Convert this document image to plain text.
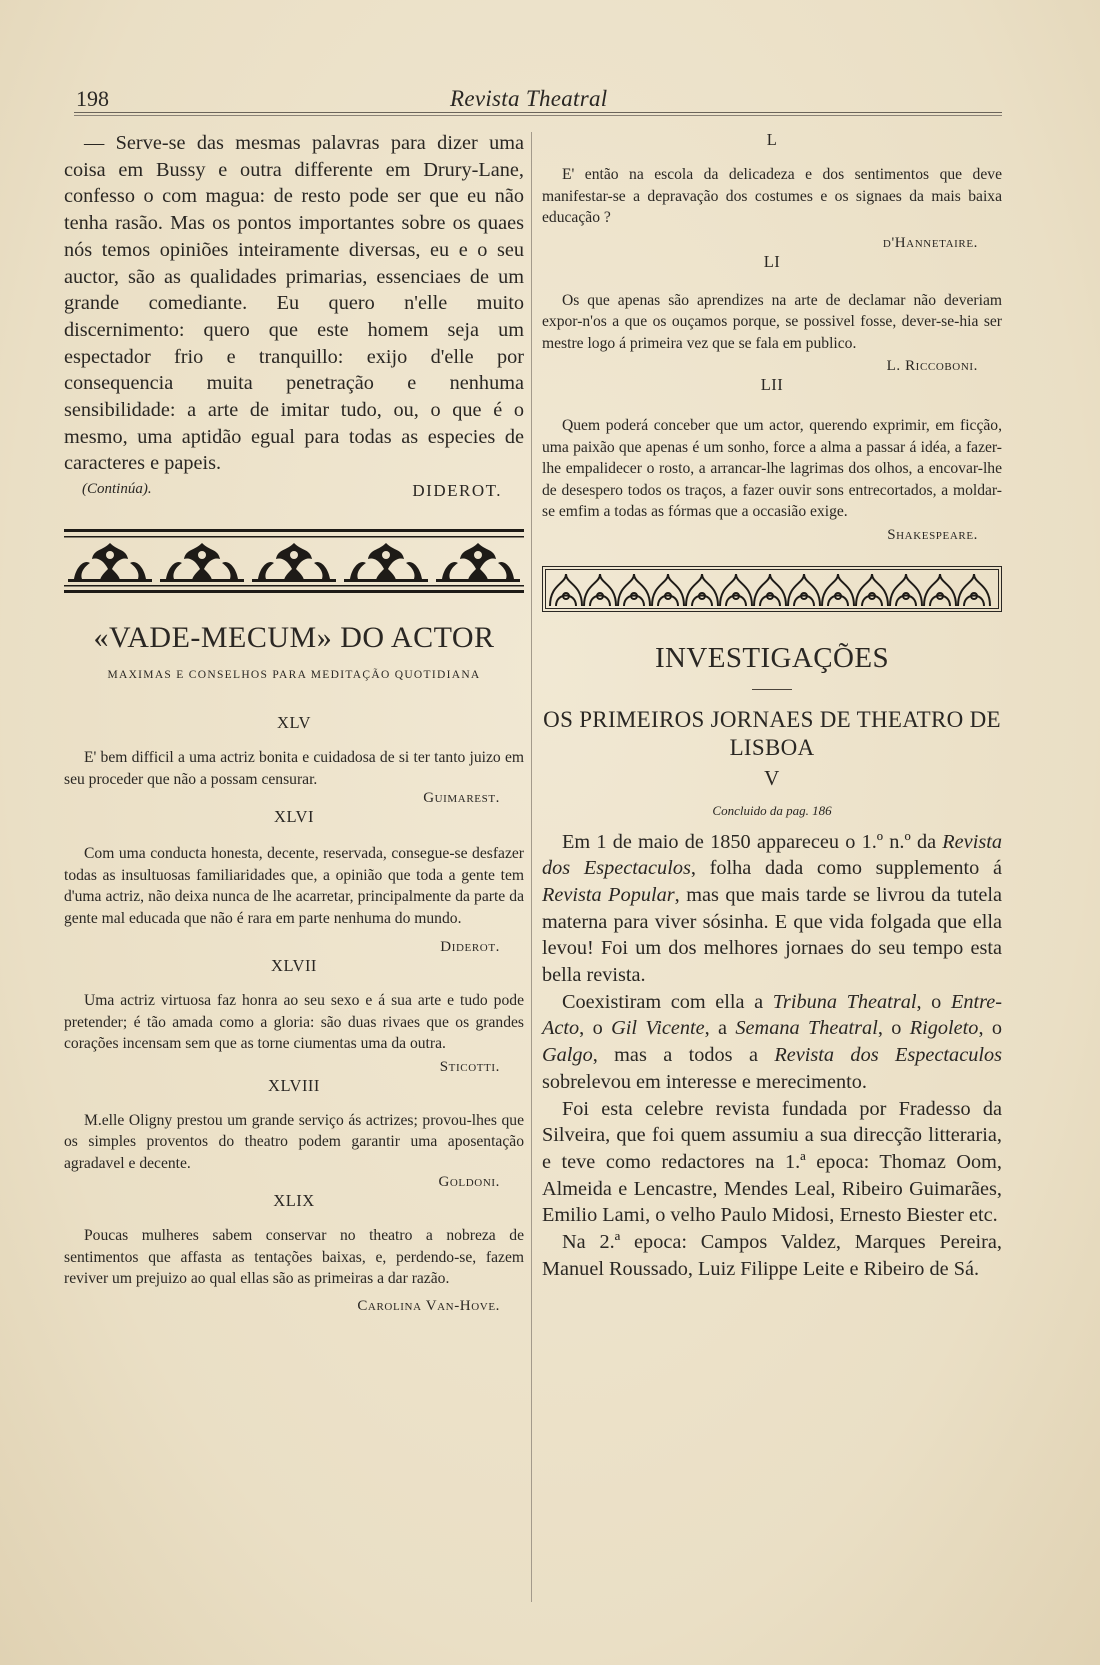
198	Revista Theatral

— Serve-se das mesmas palavras para dizer uma coisa em Bussy e outra differente em Drury-Lane, confesso o com magua: de resto pode ser que eu não tenha rasão. Mas os pontos importantes sobre os quaes nós temos opiniões inteiramente diversas, eu e o seu auctor, são as qualidades primarias, essenciaes de um grande comediante. Eu quero n'elle muito discernimento: quero que este homem seja um espectador frio e tranquillo: exijo d'elle por consequencia muita penetração e nenhuma sensibilidade: a arte de imitar tudo, ou, o que é o mesmo, uma aptidão egual para todas as especies de caracteres e papeis.

(Continúa).	DIDEROT.

«VADE-MECUM» DO ACTOR

MAXIMAS E CONSELHOS PARA MEDITAÇÃO QUOTIDIANA

XLV

E' bem difficil a uma actriz bonita e cuidadosa de si ter tanto juizo em seu proceder que não a possam censurar.

Guimarest.

XLVI

Com uma conducta honesta, decente, reservada, consegue-se desfazer todas as insultuosas familiaridades que, a opinião que toda a gente tem d'uma actriz, não deixa nunca de lhe acarretar, principalmente da parte da gente mal educada que não é rara em parte nenhuma do mundo.

Diderot.

XLVII

Uma actriz virtuosa faz honra ao seu sexo e á sua arte e tudo pode pretender; é tão amada como a gloria: são duas rivaes que os grandes corações incensam sem que as torne ciumentas uma da outra.

Sticotti.

XLVIII

M.elle Oligny prestou um grande serviço ás actrizes; provou-lhes que os simples proventos do theatro podem garantir uma aposentação agradavel e decente.

Goldoni.

XLIX

Poucas mulheres sabem conservar no theatro a nobreza de sentimentos que affasta as tentações baixas, e, perdendo-se, fazem reviver um prejuizo ao qual ellas são as primeiras a dar razão.

Carolina Van-Hove.

L

E' então na escola da delicadeza e dos sentimentos que deve manifestar-se a depravação dos costumes e os signaes da mais baixa educação ?

d'Hannetaire.

LI

Os que apenas são aprendizes na arte de declamar não deveriam expor-n'os a que os ouçamos porque, se possivel fosse, dever-se-hia ser mestre logo á primeira vez que se fala em publico.

L. Riccoboni.

LII

Quem poderá conceber que um actor, querendo exprimir, em ficção, uma paixão que apenas é um sonho, force a alma a passar á idéa, a fazer-lhe empalidecer o rosto, a arrancar-lhe lagrimas dos olhos, a encovar-lhe de desespero todos os traços, a fazer ouvir sons entrecortados, a moldar-se emfim a todas as fórmas que a occasião exige.

Shakespeare.

INVESTIGAÇÕES

OS PRIMEIROS JORNAES DE THEATRO DE LISBOA

V

Concluido da pag. 186

Em 1 de maio de 1850 appareceu o 1.º n.º da Revista dos Espectaculos, folha dada como supplemento á Revista Popular, mas que mais tarde se livrou da tutela materna para viver sósinha. E que vida folgada que ella levou! Foi um dos melhores jornaes do seu tempo esta bella revista.

Coexistiram com ella a Tribuna Theatral, o Entre-Acto, o Gil Vicente, a Semana Theatral, o Rigoleto, o Galgo, mas a todos a Revista dos Espectaculos sobrelevou em interesse e merecimento.

Foi esta celebre revista fundada por Fradesso da Silveira, que foi quem assumiu a sua direcção litteraria, e teve como redactores na 1.ª epoca: Thomaz Oom, Almeida e Lencastre, Mendes Leal, Ribeiro Guimarães, Emilio Lami, o velho Paulo Midosi, Ernesto Biester etc.

Na 2.ª epoca: Campos Valdez, Marques Pereira, Manuel Roussado, Luiz Filippe Leite e Ribeiro de Sá.
